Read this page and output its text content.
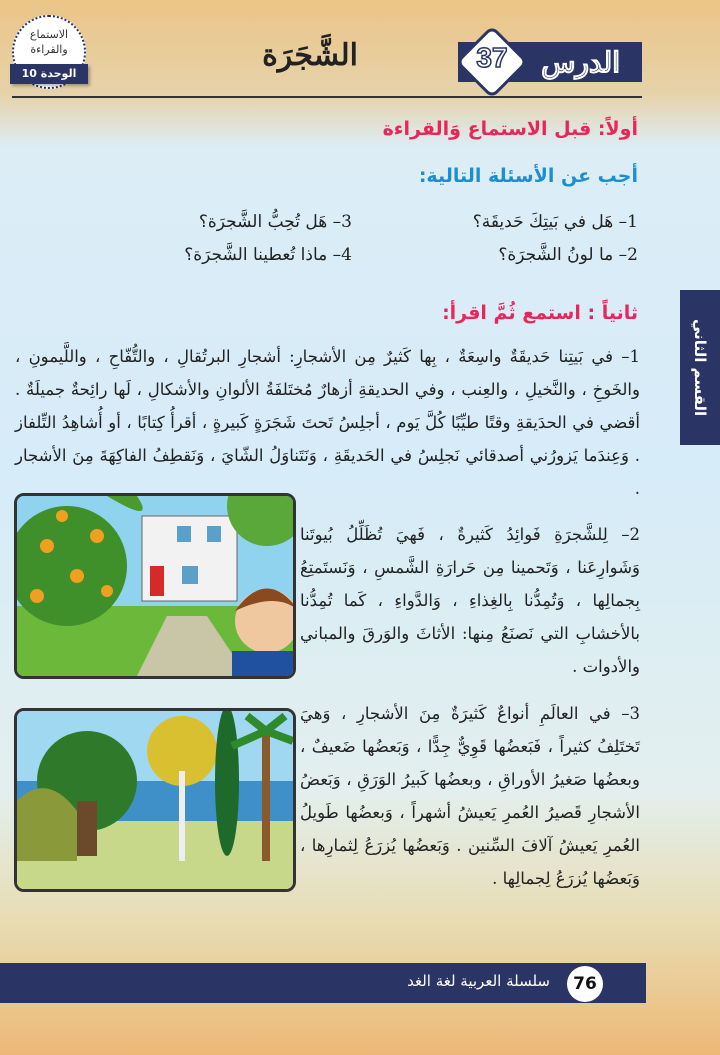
الدرس
37
الشَّجَرَة
الاستماع
والقراءة
الوحدة 10
القسم الثاني
أولاً: قبل الاستماع وَالقراءة
أجب عن الأسئلة التالية:
1– هَل في بَيتِكَ حَديقَة؟
2– ما لونُ الشَّجرَة؟
3– هَل تُحِبُّ الشَّجرَة؟
4– ماذا تُعطينا الشَّجرَة؟
ثانياً : استمع ثُمَّ اقرأ:
1– في بَيتِنا حَديقَةٌ واسِعَةٌ ، بِها كَثيرٌ مِن الأشجارِ: أشجارِ البرتُقالِ ، والتُّفّاحِ ، واللَّيمونِ ، والخَوخِ ، والنَّخيلِ ، والعِنب ، وفي الحديقةِ أزهارٌ مُختَلفَةُ الألوانِ والأشكالِ ، لَها رائِحةٌ جميلَةٌ . أقضي في الحدَيقةِ وقتًا طيِّبًا كُلَّ يَوم ، أجلِسُ تَحتَ شَجَرَةٍ كَبيرةٍ ، أقرأُ كِتابًا ، أو أُشاهِدُ التِّلفاز . وَعِندَما يَزورُني أصدقائي نَجلِسُ في الحَديقَةِ ، وَنَتَناوَلُ الشّايَ ، وَنَقطِفُ الفاكِهَةَ مِنَ الأشجار .
2– لِلشَّجرَةِ فَوائِدُ كَثيرةٌ ، فَهيَ تُظَلِّلُ بُيوتَنا وَشَوارِعَنا ، وَتَحمينا مِن حَرارَةِ الشَّمسِ ، وَنَستَمتِعُ بِجمالِها ، وَتُمِدُّنا بِالغِذاءِ ، وَالدَّواءِ ، كَما تُمِدُّنا بالأخشابِ التي نَصنَعُ مِنها: الأثاثَ والوَرقَ والمباني والأدوات .
3– في العالَمِ أنواعٌ كَثيرَةٌ مِنَ الأشجارِ ، وَهيَ تَختَلِفُ كثيراً ، فَبَعضُها قَوِيٌّ جِدًّا ، وَبَعضُها ضَعيفٌ ، وبعضُها صَغيرُ الأوراقِ ، وبعضُها كَبيرُ الوَرَقِ ، وَبَعضُ الأشجارِ قَصيرُ العُمرِ يَعيشُ أشهراً ، وَبعضُها طَويلُ العُمرِ يَعيشُ آلافَ السِّنين . وَبَعضُها يُزرَعُ لِثمارِها ، وَبَعضُها يُزرَعُ لِجمالِها .
سلسلة العربية لغة الغد	76
